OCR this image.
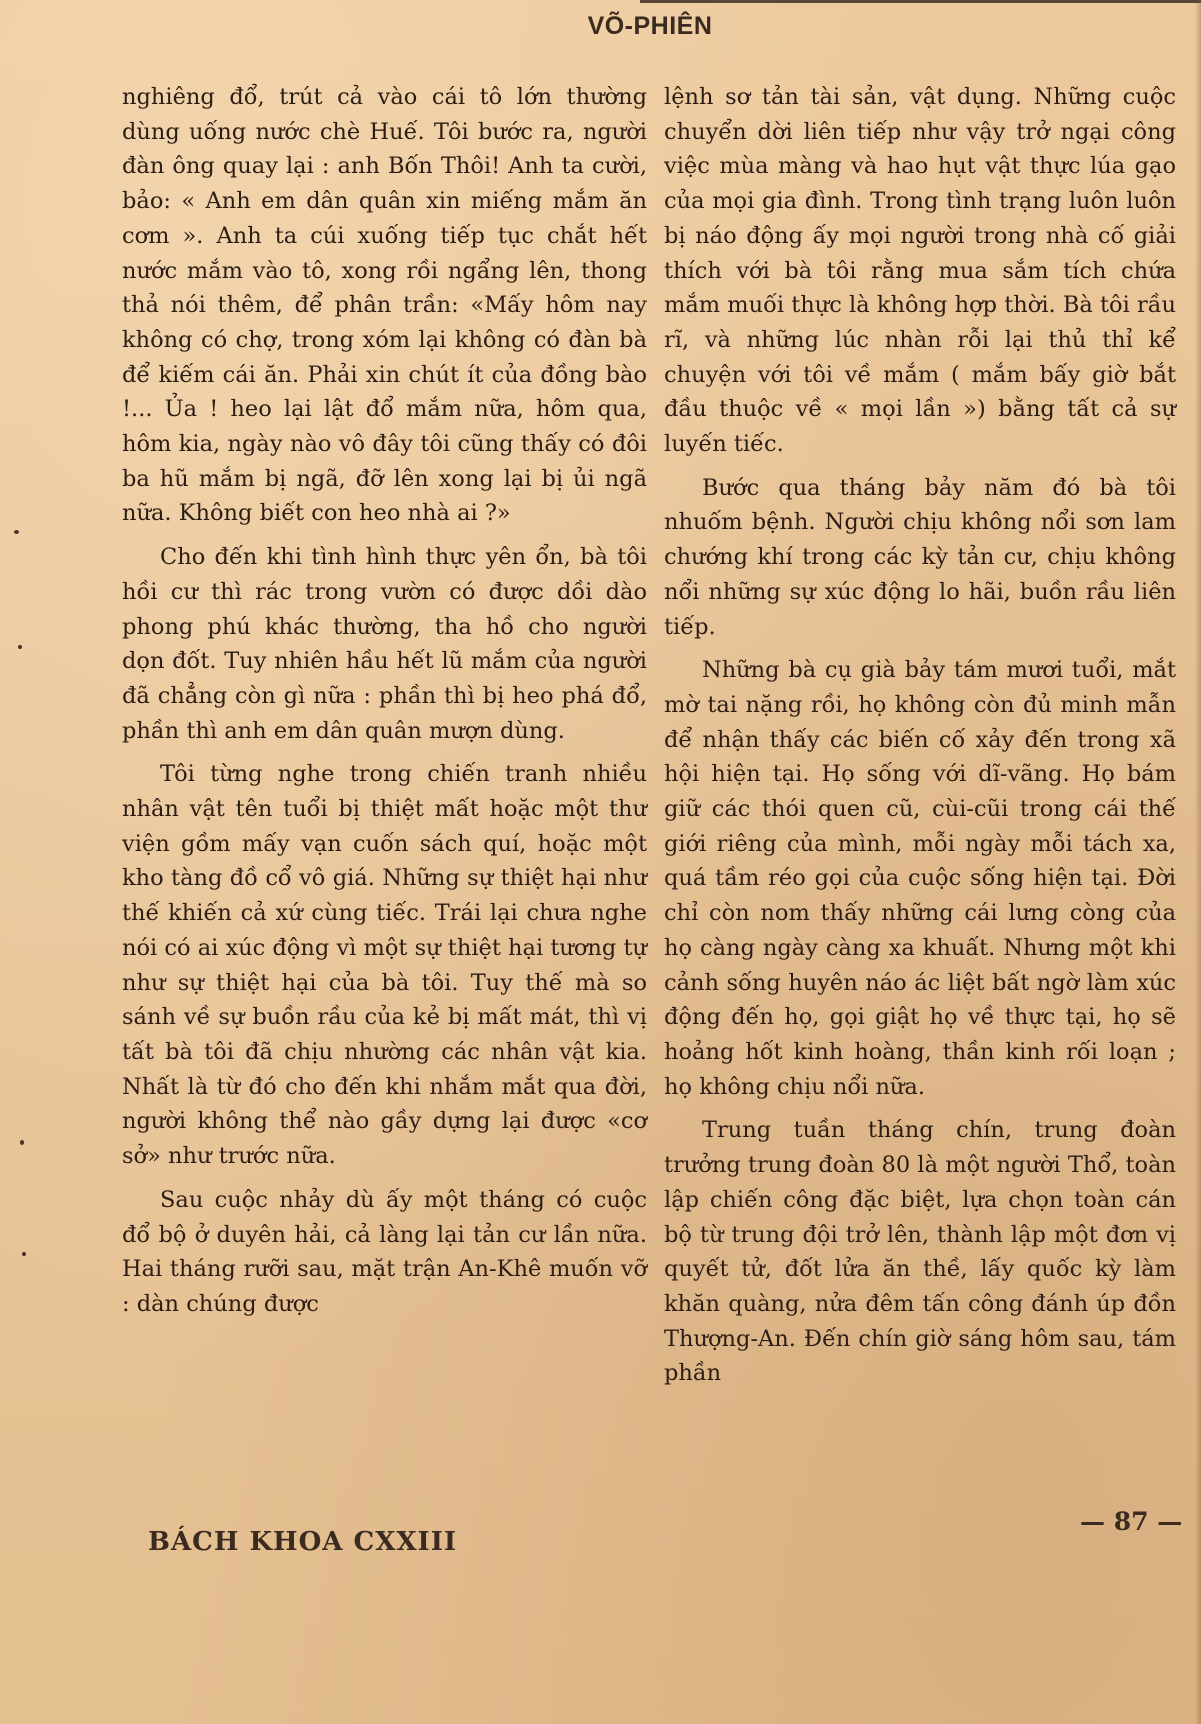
VÕ-PHIÊN

nghiêng đổ, trút cả vào cái tô lớn thường dùng uống nước chè Huế. Tôi bước ra, người đàn ông quay lại : anh Bốn Thôi! Anh ta cười, bảo: « Anh em dân quân xin miếng mắm ăn cơm ». Anh ta cúi xuống tiếp tục chắt hết nước mắm vào tô, xong rồi ngẩng lên, thong thả nói thêm, để phân trần: «Mấy hôm nay không có chợ, trong xóm lại không có đàn bà để kiếm cái ăn. Phải xin chút ít của đồng bào !... Ủa ! heo lại lật đổ mắm nữa, hôm qua, hôm kia, ngày nào vô đây tôi cũng thấy có đôi ba hũ mắm bị ngã, đỡ lên xong lại bị ủi ngã nữa. Không biết con heo nhà ai ?»

Cho đến khi tình hình thực yên ổn, bà tôi hồi cư thì rác trong vườn có được dồi dào phong phú khác thường, tha hồ cho người dọn đốt. Tuy nhiên hầu hết lũ mắm của người đã chẳng còn gì nữa : phần thì bị heo phá đổ, phần thì anh em dân quân mượn dùng.

Tôi từng nghe trong chiến tranh nhiều nhân vật tên tuổi bị thiệt mất hoặc một thư viện gồm mấy vạn cuốn sách quí, hoặc một kho tàng đồ cổ vô giá. Những sự thiệt hại như thế khiến cả xứ cùng tiếc. Trái lại chưa nghe nói có ai xúc động vì một sự thiệt hại tương tự như sự thiệt hại của bà tôi. Tuy thế mà so sánh về sự buồn rầu của kẻ bị mất mát, thì vị tất bà tôi đã chịu nhường các nhân vật kia. Nhất là từ đó cho đến khi nhắm mắt qua đời, người không thể nào gầy dựng lại được «cơ sở» như trước nữa.

Sau cuộc nhảy dù ấy một tháng có cuộc đổ bộ ở duyên hải, cả làng lại tản cư lần nữa. Hai tháng rưỡi sau, mặt trận An-Khê muốn vỡ : dàn chúng được

lệnh sơ tản tài sản, vật dụng. Những cuộc chuyển dời liên tiếp như vậy trở ngại công việc mùa màng và hao hụt vật thực lúa gạo của mọi gia đình. Trong tình trạng luôn luôn bị náo động ấy mọi người trong nhà cố giải thích với bà tôi rằng mua sắm tích chứa mắm muối thực là không hợp thời. Bà tôi rầu rĩ, và những lúc nhàn rỗi lại thủ thỉ kể chuyện với tôi về mắm ( mắm bấy giờ bắt đầu thuộc về « mọi lần ») bằng tất cả sự luyến tiếc.

Bước qua tháng bảy năm đó bà tôi nhuốm bệnh. Người chịu không nổi sơn lam chướng khí trong các kỳ tản cư, chịu không nổi những sự xúc động lo hãi, buồn rầu liên tiếp.

Những bà cụ già bảy tám mươi tuổi, mắt mờ tai nặng rồi, họ không còn đủ minh mẫn để nhận thấy các biến cố xảy đến trong xã hội hiện tại. Họ sống với dĩ-vãng. Họ bám giữ các thói quen cũ, cùi-cũi trong cái thế giới riêng của mình, mỗi ngày mỗi tách xa, quá tầm réo gọi của cuộc sống hiện tại. Đời chỉ còn nom thấy những cái lưng còng của họ càng ngày càng xa khuất. Nhưng một khi cảnh sống huyên náo ác liệt bất ngờ làm xúc động đến họ, gọi giật họ về thực tại, họ sẽ hoảng hốt kinh hoàng, thần kinh rối loạn ; họ không chịu nổi nữa.

Trung tuần tháng chín, trung đoàn trưởng trung đoàn 80 là một người Thổ, toàn lập chiến công đặc biệt, lựa chọn toàn cán bộ từ trung đội trở lên, thành lập một đơn vị quyết tử, đốt lửa ăn thề, lấy quốc kỳ làm khăn quàng, nửa đêm tấn công đánh úp đồn Thượng-An. Đến chín giờ sáng hôm sau, tám phần

BÁCH KHOA CXXIII
— 87 —
